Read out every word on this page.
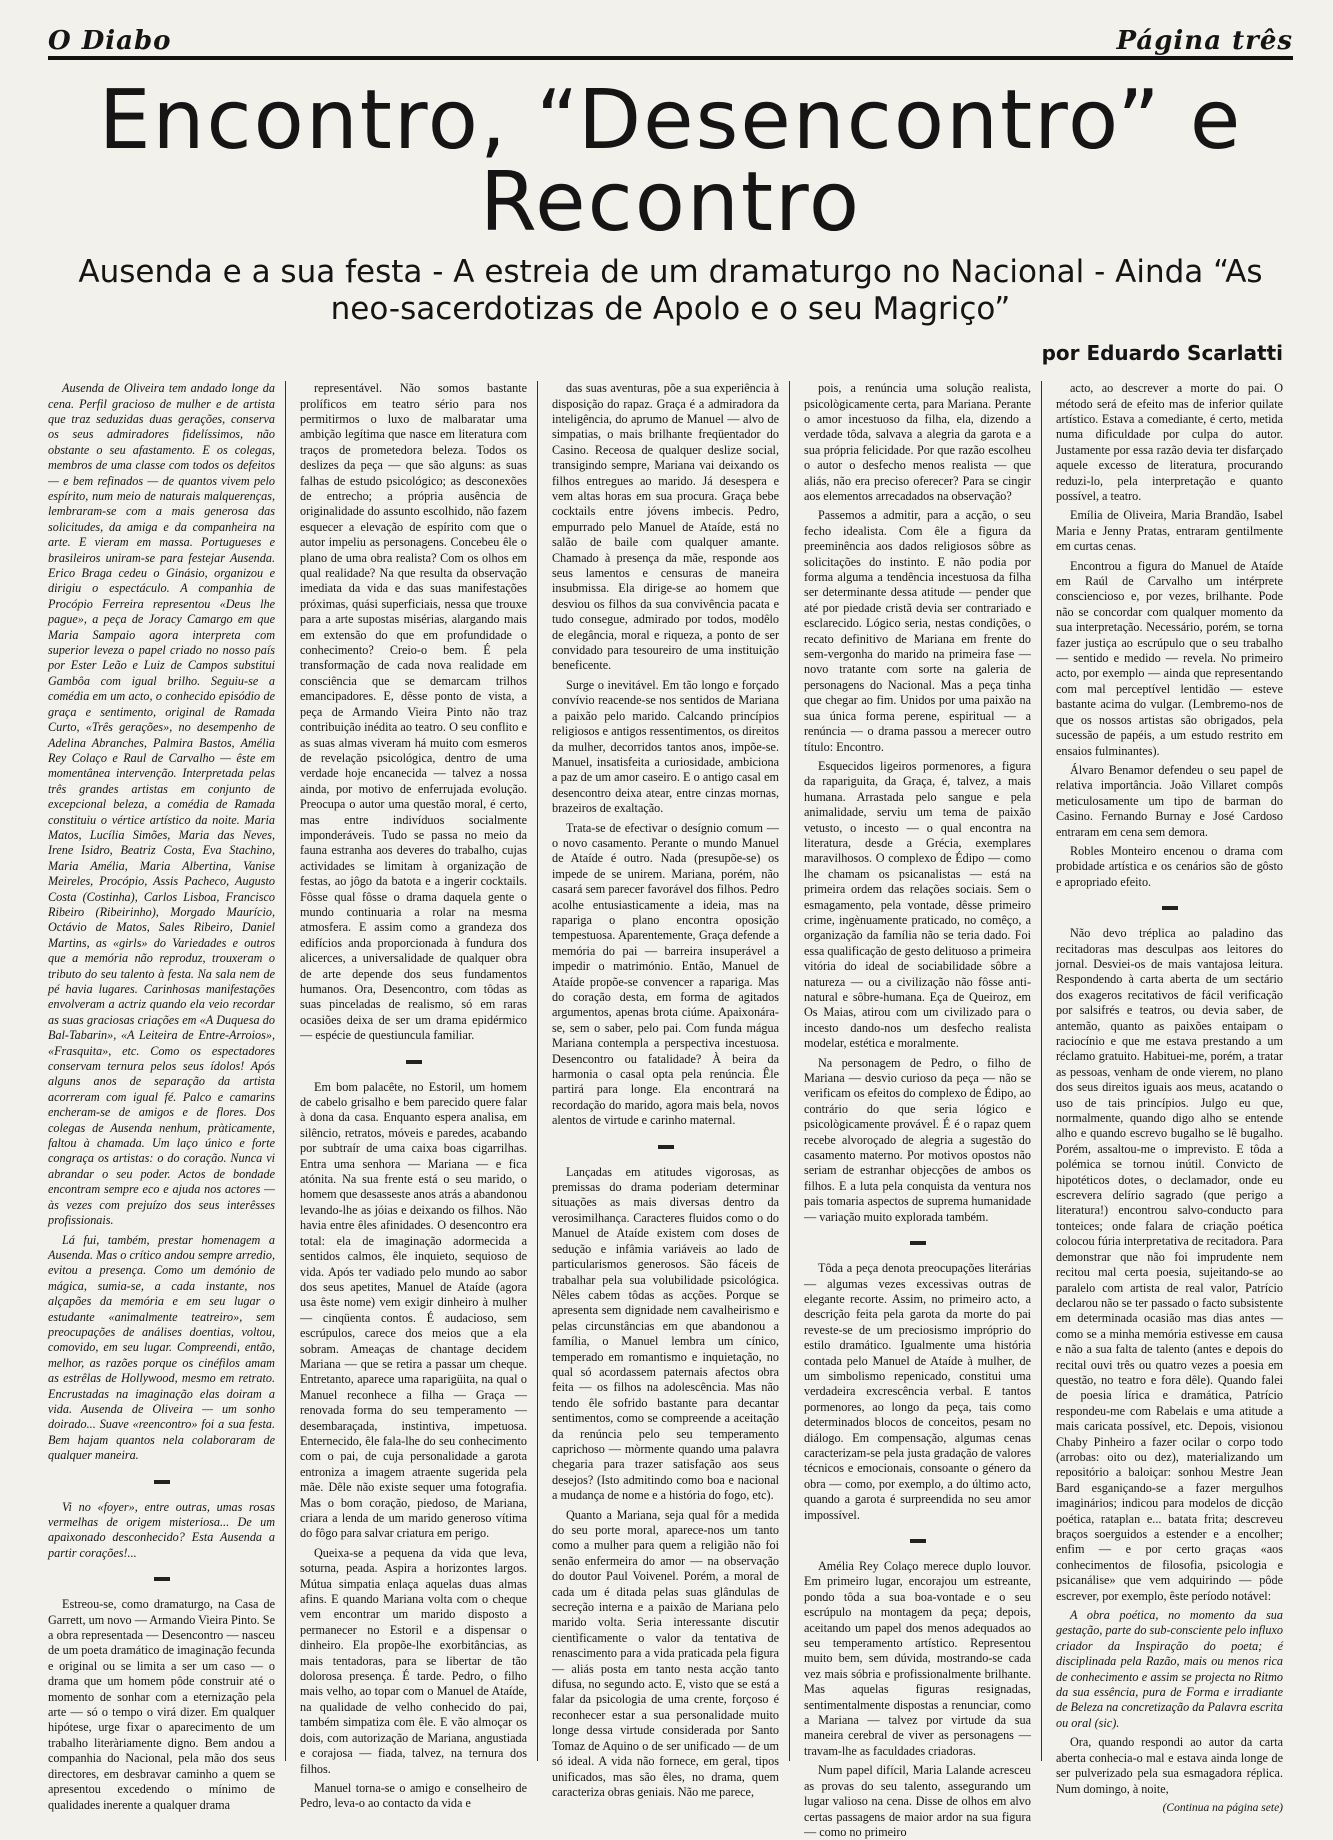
O Diabo	Página três
Encontro, “Desencontro” e Recontro
Ausenda e a sua festa - A estreia de um dramaturgo no Nacional - Ainda “As neo-sacerdotizas de Apolo e o seu Magriço”
por Eduardo Scarlatti

Ausenda de Oliveira tem andado longe da cena. Perfil gracioso de mulher e de artista que traz seduzidas duas gerações, conserva os seus admiradores fidelíssimos, não obstante o seu afastamento. E os colegas, membros de uma classe com todos os defeitos — e bem refinados — de quantos vivem pelo espírito, num meio de naturais malquerenças, lembraram-se com a mais generosa das solicitudes, da amiga e da companheira na arte. E vieram em massa. Portugueses e brasileiros uniram-se para festejar Ausenda. Erico Braga cedeu o Ginásio, organizou e dirigiu o espectáculo. A companhia de Procópio Ferreira representou «Deus lhe pague», a peça de Joracy Camargo em que Maria Sampaio agora interpreta com superior leveza o papel criado no nosso país por Ester Leão e Luiz de Campos substitui Gambôa com igual brilho. Seguiu-se a comédia em um acto, o conhecido episódio de graça e sentimento, original de Ramada Curto, «Três gerações», no desempenho de Adelina Abranches, Palmira Bastos, Amélia Rey Colaço e Raul de Carvalho — êste em momentânea intervenção. Interpretada pelas três grandes artistas em conjunto de excepcional beleza, a comédia de Ramada constituiu o vértice artístico da noite. Maria Matos, Lucília Simões, Maria das Neves, Irene Isidro, Beatriz Costa, Eva Stachino, Maria Amélia, Maria Albertina, Vanise Meireles, Procópio, Assis Pacheco, Augusto Costa (Costinha), Carlos Lisboa, Francisco Ribeiro (Ribeirinho), Morgado Maurício, Octávio de Matos, Sales Ribeiro, Daniel Martins, as «girls» do Variedades e outros que a memória não reproduz, trouxeram o tributo do seu talento à festa. Na sala nem de pé havia lugares. Carinhosas manifestações envolveram a actriz quando ela veio recordar as suas graciosas criações em «A Duquesa do Bal-Tabarin», «A Leiteira de Entre-Arroios», «Frasquita», etc. Como os espectadores conservam ternura pelos seus ídolos! Após alguns anos de separação da artista acorreram com igual fé. Palco e camarins encheram-se de amigos e de flores. Dos colegas de Ausenda nenhum, pràticamente, faltou à chamada. Um laço único e forte congraça os artistas: o do coração. Nunca vi abrandar o seu poder. Actos de bondade encontram sempre eco e ajuda nos actores — às vezes com prejuízo dos seus interêsses profissionais.

Lá fui, também, prestar homenagem a Ausenda. Mas o crítico andou sempre arredio, evitou a presença. Como um demónio de mágica, sumia-se, a cada instante, nos alçapões da memória e em seu lugar o estudante «animalmente teatreiro», sem preocupações de análises doentias, voltou, comovido, em seu lugar. Compreendi, então, melhor, as razões porque os cinéfilos amam as estrêlas de Hollywood, mesmo em retrato. Encrustadas na imaginação elas doiram a vida. Ausenda de Oliveira — um sonho doirado... Suave «reencontro» foi a sua festa. Bem hajam quantos nela colaboraram de qualquer maneira.

Vi no «foyer», entre outras, umas rosas vermelhas de origem misteriosa... De um apaixonado desconhecido? Esta Ausenda a partir corações!...

Estreou-se, como dramaturgo, na Casa de Garrett, um novo — Armando Vieira Pinto. Se a obra representada — Desencontro — nasceu de um poeta dramático de imaginação fecunda e original ou se limita a ser um caso — o drama que um homem pôde construir até o momento de sonhar com a eternização pela arte — só o tempo o virá dizer. Em qualquer hipótese, urge fixar o aparecimento de um trabalho literàriamente digno. Bem andou a companhia do Nacional, pela mão dos seus directores, em desbravar caminho a quem se apresentou excedendo o mínimo de qualidades inerente a qualquer drama

representável. Não somos bastante prolíficos em teatro sério para nos permitirmos o luxo de malbaratar uma ambição legítima que nasce em literatura com traços de prometedora beleza. Todos os deslizes da peça — que são alguns: as suas falhas de estudo psicológico; as desconexões de entrecho; a própria ausência de originalidade do assunto escolhido, não fazem esquecer a elevação de espírito com que o autor impeliu as personagens. Concebeu êle o plano de uma obra realista? Com os olhos em qual realidade? Na que resulta da observação imediata da vida e das suas manifestações próximas, quási superficiais, nessa que trouxe para a arte supostas misérias, alargando mais em extensão do que em profundidade o conhecimento? Creio-o bem. É pela transformação de cada nova realidade em consciência que se demarcam trilhos emancipadores. E, dêsse ponto de vista, a peça de Armando Vieira Pinto não traz contribuição inédita ao teatro. O seu conflito e as suas almas viveram há muito com esmeros de revelação psicológica, dentro de uma verdade hoje encanecida — talvez a nossa ainda, por motivo de enferrujada evolução. Preocupa o autor uma questão moral, é certo, mas entre indivíduos socialmente imponderáveis. Tudo se passa no meio da fauna estranha aos deveres do trabalho, cujas actividades se limitam à organização de festas, ao jôgo da batota e a ingerir cocktails. Fôsse qual fôsse o drama daquela gente o mundo continuaria a rolar na mesma atmosfera. E assim como a grandeza dos edifícios anda proporcionada à fundura dos alicerces, a universalidade de qualquer obra de arte depende dos seus fundamentos humanos. Ora, Desencontro, com tôdas as suas pinceladas de realismo, só em raras ocasiões deixa de ser um drama epidérmico — espécie de questiuncula familiar.

Em bom palacête, no Estoril, um homem de cabelo grisalho e bem parecido quere falar à dona da casa. Enquanto espera analisa, em silêncio, retratos, móveis e paredes, acabando por subtraír de uma caixa boas cigarrilhas. Entra uma senhora — Mariana — e fica atónita. Na sua frente está o seu marido, o homem que desasseste anos atrás a abandonou levando-lhe as jóias e deixando os filhos. Não havia entre êles afinidades. O desencontro era total: ela de imaginação adormecida a sentidos calmos, êle inquieto, sequioso de vida. Após ter vadiado pelo mundo ao sabor dos seus apetites, Manuel de Ataíde (agora usa êste nome) vem exigir dinheiro à mulher — cinqüenta contos. É audacioso, sem escrúpulos, carece dos meios que a ela sobram. Ameaças de chantage decidem Mariana — que se retira a passar um cheque. Entretanto, aparece uma raparigüita, na qual o Manuel reconhece a filha — Graça — renovada forma do seu temperamento — desembaraçada, instintiva, impetuosa. Enternecido, êle fala-lhe do seu conhecimento com o pai, de cuja personalidade a garota entroniza a imagem atraente sugerida pela mãe. Dêle não existe sequer uma fotografia. Mas o bom coração, piedoso, de Mariana, criara a lenda de um marido generoso vítima do fôgo para salvar criatura em perigo.

Queixa-se a pequena da vida que leva, soturna, peada. Aspira a horizontes largos. Mútua simpatia enlaça aquelas duas almas afins. E quando Mariana volta com o cheque vem encontrar um marido disposto a permanecer no Estoril e a dispensar o dinheiro. Ela propõe-lhe exorbitâncias, as mais tentadoras, para se libertar de tão dolorosa presença. É tarde. Pedro, o filho mais velho, ao topar com o Manuel de Ataíde, na qualidade de velho conhecido do pai, também simpatiza com êle. E vão almoçar os dois, com autorização de Mariana, angustiada e corajosa — fiada, talvez, na ternura dos filhos.

Manuel torna-se o amigo e conselheiro de Pedro, leva-o ao contacto da vida e

das suas aventuras, põe a sua experiência à disposição do rapaz. Graça é a admiradora da inteligência, do aprumo de Manuel — alvo de simpatias, o mais brilhante freqüentador do Casino. Receosa de qualquer deslize social, transigindo sempre, Mariana vai deixando os filhos entregues ao marido. Já desespera e vem altas horas em sua procura. Graça bebe cocktails entre jóvens imbecis. Pedro, empurrado pelo Manuel de Ataíde, está no salão de baile com qualquer amante. Chamado à presença da mãe, responde aos seus lamentos e censuras de maneira insubmissa. Ela dirige-se ao homem que desviou os filhos da sua convivência pacata e tudo consegue, admirado por todos, modêlo de elegância, moral e riqueza, a ponto de ser convidado para tesoureiro de uma instituição beneficente.

Surge o inevitável. Em tão longo e forçado convívio reacende-se nos sentidos de Mariana a paixão pelo marido. Calcando princípios religiosos e antigos ressentimentos, os direitos da mulher, decorridos tantos anos, impõe-se. Manuel, insatisfeita a curiosidade, ambiciona a paz de um amor caseiro. E o antigo casal em desencontro deixa atear, entre cinzas mornas, brazeiros de exaltação.

Trata-se de efectivar o desígnio comum — o novo casamento. Perante o mundo Manuel de Ataíde é outro. Nada (presupõe-se) os impede de se unirem. Mariana, porém, não casará sem parecer favorável dos filhos. Pedro acolhe entusiasticamente a ideia, mas na rapariga o plano encontra oposição tempestuosa. Aparentemente, Graça defende a memória do pai — barreira insuperável a impedir o matrimónio. Então, Manuel de Ataíde propõe-se convencer a rapariga. Mas do coração desta, em forma de agitados argumentos, apenas brota ciúme. Apaixonára-se, sem o saber, pelo pai. Com funda mágua Mariana contempla a perspectiva incestuosa. Desencontro ou fatalidade? À beira da harmonia o casal opta pela renúncia. Êle partirá para longe. Ela encontrará na recordação do marido, agora mais bela, novos alentos de virtude e carinho maternal.

Lançadas em atitudes vigorosas, as premissas do drama poderiam determinar situações as mais diversas dentro da verosimilhança. Caracteres fluidos como o do Manuel de Ataíde existem com doses de sedução e infâmia variáveis ao lado de particularismos generosos. São fáceis de trabalhar pela sua volubilidade psicológica. Nêles cabem tôdas as acções. Porque se apresenta sem dignidade nem cavalheirismo e pelas circunstâncias em que abandonou a família, o Manuel lembra um cínico, temperado em romantismo e inquietação, no qual só acordassem paternais afectos obra feita — os filhos na adolescência. Mas não tendo êle sofrido bastante para decantar sentimentos, como se compreende a aceitação da renúncia pelo seu temperamento caprichoso — mòrmente quando uma palavra chegaria para trazer satisfação aos seus desejos? (Isto admitindo como boa e nacional a mudança de nome e a história do fogo, etc).

Quanto a Mariana, seja qual fôr a medida do seu porte moral, aparece-nos um tanto como a mulher para quem a religião não foi senão enfermeira do amor — na observação do doutor Paul Voivenel. Porém, a moral de cada um é ditada pelas suas glândulas de secreção interna e a paixão de Mariana pelo marido volta. Seria interessante discutir cientìficamente o valor da tentativa de renascimento para a vida praticada pela figura — aliás posta em tanto nesta acção tanto difusa, no segundo acto. E, visto que se está a falar da psicologia de uma crente, forçoso é reconhecer estar a sua personalidade muito longe dessa virtude considerada por Santo Tomaz de Aquino o de ser unificado — de um só ideal. A vida não fornece, em geral, tipos unificados, mas são êles, no drama, quem caracteriza obras geniais. Não me parece,

pois, a renúncia uma solução realista, psicològicamente certa, para Mariana. Perante o amor incestuoso da filha, ela, dizendo a verdade tôda, salvava a alegria da garota e a sua própria felicidade. Por que razão escolheu o autor o desfecho menos realista — que aliás, não era preciso oferecer? Para se cingir aos elementos arrecadados na observação?

Passemos a admitir, para a acção, o seu fecho idealista. Com êle a figura da preeminência aos dados religiosos sôbre as solicitações do instinto. E não podia por forma alguma a tendência incestuosa da filha ser determinante dessa atitude — pender que até por piedade cristã devia ser contrariado e esclarecido. Lógico seria, nestas condições, o recato definitivo de Mariana em frente do sem-vergonha do marido na primeira fase — novo tratante com sorte na galeria de personagens do Nacional. Mas a peça tinha que chegar ao fim. Unidos por uma paixão na sua única forma perene, espiritual — a renúncia — o drama passou a merecer outro título: Encontro.

Esquecidos ligeiros pormenores, a figura da rapariguita, da Graça, é, talvez, a mais humana. Arrastada pelo sangue e pela animalidade, serviu um tema de paixão vetusto, o incesto — o qual encontra na literatura, desde a Grécia, exemplares maravilhosos. O complexo de Édipo — como lhe chamam os psicanalistas — está na primeira ordem das relações sociais. Sem o esmagamento, pela vontade, dêsse primeiro crime, ingènuamente praticado, no comêço, a organização da família não se teria dado. Foi essa qualificação de gesto delituoso a primeira vitória do ideal de sociabilidade sôbre a natureza — ou a civilização não fôsse anti-natural e sôbre-humana. Eça de Queiroz, em Os Maias, atirou com um civilizado para o incesto dando-nos um desfecho realista modelar, estética e moralmente.

Na personagem de Pedro, o filho de Mariana — desvio curioso da peça — não se verificam os efeitos do complexo de Édipo, ao contrário do que seria lógico e psicològicamente provável. É é o rapaz quem recebe alvoroçado de alegria a sugestão do casamento materno. Por motivos opostos não seriam de estranhar objecções de ambos os filhos. E a luta pela conquista da ventura nos pais tomaria aspectos de suprema humanidade — variação muito explorada também.

Tôda a peça denota preocupações literárias — algumas vezes excessivas outras de elegante recorte. Assim, no primeiro acto, a descrição feita pela garota da morte do pai reveste-se de um preciosismo impróprio do estilo dramático. Igualmente uma história contada pelo Manuel de Ataíde à mulher, de um simbolismo repenicado, constitui uma verdadeira excrescência verbal. E tantos pormenores, ao longo da peça, tais como determinados blocos de conceitos, pesam no diálogo. Em compensação, algumas cenas caracterizam-se pela justa gradação de valores técnicos e emocionais, consoante o género da obra — como, por exemplo, a do último acto, quando a garota é surpreendida no seu amor impossível.

Amélia Rey Colaço merece duplo louvor. Em primeiro lugar, encorajou um estreante, pondo tôda a sua boa-vontade e o seu escrúpulo na montagem da peça; depois, aceitando um papel dos menos adequados ao seu temperamento artístico. Representou muito bem, sem dúvida, mostrando-se cada vez mais sóbria e profissionalmente brilhante. Mas aquelas figuras resignadas, sentimentalmente dispostas a renunciar, como a Mariana — talvez por virtude da sua maneira cerebral de viver as personagens — travam-lhe as faculdades criadoras.

Num papel difícil, Maria Lalande acresceu as provas do seu talento, assegurando um lugar valioso na cena. Disse de olhos em alvo certas passagens de maior ardor na sua figura — como no primeiro

acto, ao descrever a morte do pai. O método será de efeito mas de inferior quilate artístico. Estava a comediante, é certo, metida numa dificuldade por culpa do autor. Justamente por essa razão devia ter disfarçado aquele excesso de literatura, procurando reduzi-lo, pela interpretação e quanto possível, a teatro.

Emília de Oliveira, Maria Brandão, Isabel Maria e Jenny Pratas, entraram gentilmente em curtas cenas.

Encontrou a figura do Manuel de Ataíde em Raúl de Carvalho um intérprete consciencioso e, por vezes, brilhante. Pode não se concordar com qualquer momento da sua interpretação. Necessário, porém, se torna fazer justiça ao escrúpulo que o seu trabalho — sentido e medido — revela. No primeiro acto, por exemplo — ainda que representando com mal perceptível lentidão — esteve bastante acima do vulgar. (Lembremo-nos de que os nossos artistas são obrigados, pela sucessão de papéis, a um estudo restrito em ensaios fulminantes).

Álvaro Benamor defendeu o seu papel de relativa importância. João Villaret compôs meticulosamente um tipo de barman do Casino. Fernando Burnay e José Cardoso entraram em cena sem demora.

Robles Monteiro encenou o drama com probidade artística e os cenários são de gôsto e apropriado efeito.

Não devo tréplica ao paladino das recitadoras mas desculpas aos leitores do jornal. Desviei-os de mais vantajosa leitura. Respondendo à carta aberta de um sectário dos exageros recitativos de fácil verificação por salsifrés e teatros, ou devia saber, de antemão, quanto as paixões entaipam o raciocínio e que me estava prestando a um réclamo gratuito. Habituei-me, porém, a tratar as pessoas, venham de onde vierem, no plano dos seus direitos iguais aos meus, acatando o uso de tais princípios. Julgo eu que, normalmente, quando digo alho se entende alho e quando escrevo bugalho se lê bugalho. Porém, assaltou-me o imprevisto. E tôda a polémica se tornou inútil. Convicto de hipotéticos dotes, o declamador, onde eu escrevera delírio sagrado (que perigo a literatura!) encontrou salvo-conducto para tonteices; onde falara de criação poética colocou fúria interpretativa de recitadora. Para demonstrar que não foi imprudente nem recitou mal certa poesia, sujeitando-se ao paralelo com artista de real valor, Patrício declarou não se ter passado o facto subsistente em determinada ocasião mas dias antes — como se a minha memória estivesse em causa e não a sua falta de talento (antes e depois do recital ouvi três ou quatro vezes a poesia em questão, no teatro e fora dêle). Quando falei de poesia lírica e dramática, Patrício respondeu-me com Rabelais e uma atitude a mais caricata possível, etc. Depois, visionou Chaby Pinheiro a fazer ocilar o corpo todo (arrobas: oito ou dez), materializando um repositório a baloiçar: sonhou Mestre Jean Bard esganiçando-se a fazer mergulhos imaginários; indicou para modelos de dicção poética, rataplan e... batata frita; descreveu braços soerguidos a estender e a encolher; enfim — e por certo graças «aos conhecimentos de filosofia, psicologia e psicanálise» que vem adquirindo — pôde escrever, por exemplo, êste período notável:

A obra poética, no momento da sua gestação, parte do sub-consciente pelo influxo criador da Inspiração do poeta; é disciplinada pela Razão, mais ou menos rica de conhecimento e assim se projecta no Ritmo da sua essência, pura de Forma e irradiante de Beleza na concretização da Palavra escrita ou oral (sic).

Ora, quando respondi ao autor da carta aberta conhecia-o mal e estava ainda longe de ser pulverizado pela sua esmagadora réplica. Num domingo, à noite,

(Continua na página sete)
